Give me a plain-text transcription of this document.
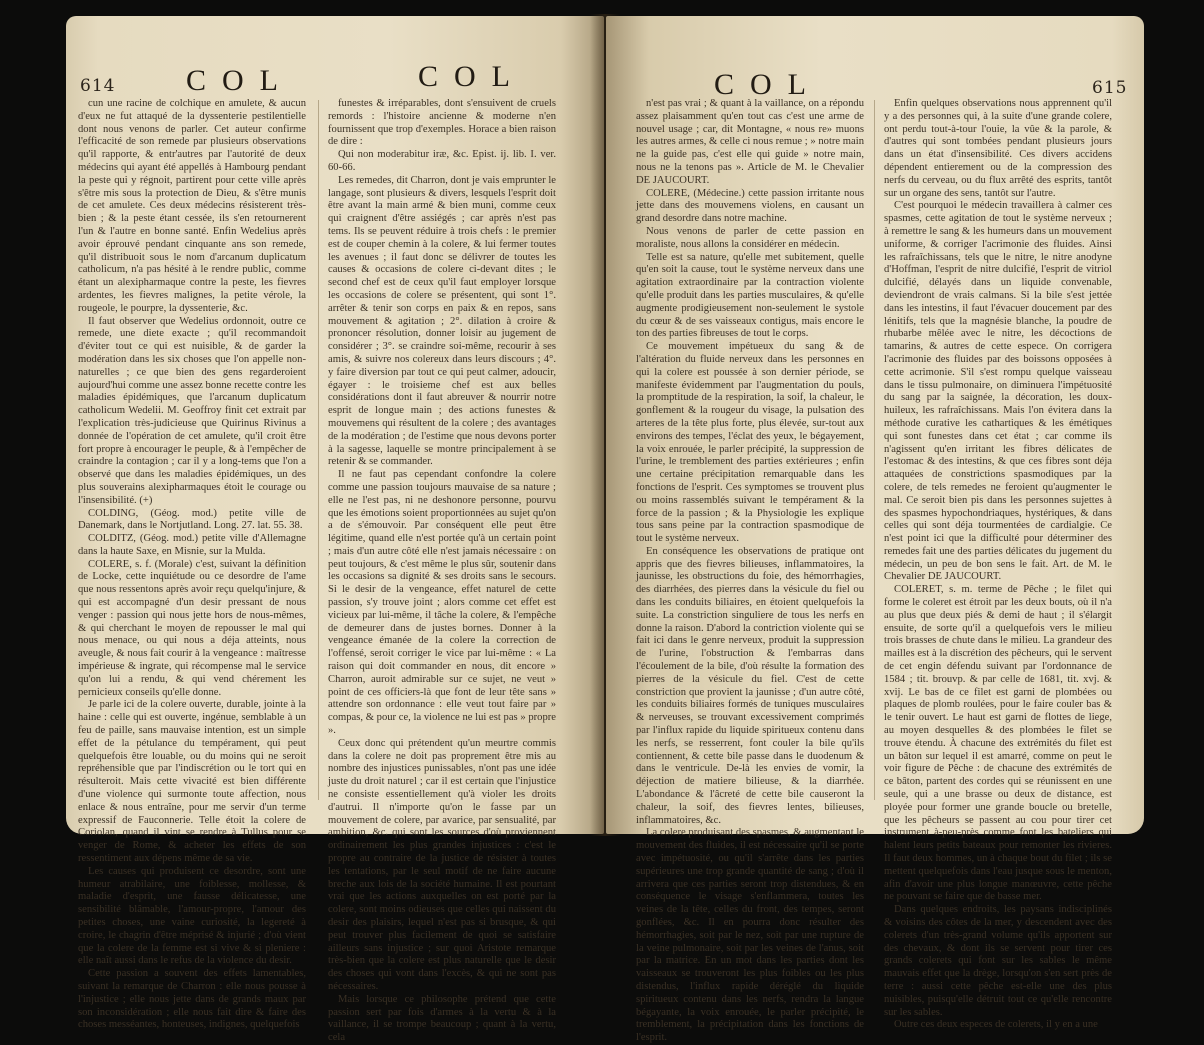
614 COL	COL

cun une racine de colchique en amulete, & aucun d'eux ne fut attaqué de la dyssenterie pestilentielle dont nous venons de parler. Cet auteur confirme l'efficacité de son remede par plusieurs observations qu'il rapporte, & entr'autres par l'autorité de deux médecins qui ayant été appellés à Hambourg pendant la peste qui y régnoit, partirent pour cette ville après s'être mis sous la protection de Dieu, & s'être munis de cet amulete. Ces deux médecins résisterent très-bien ; & la peste étant cessée, ils s'en retournerent l'un & l'autre en bonne santé. Enfin Wedelius après avoir éprouvé pendant cinquante ans son remede, qu'il distribuoit sous le nom d'arcanum duplicatum catholicum, n'a pas hésité à le rendre public, comme étant un alexipharmaque contre la peste, les fievres ardentes, les fievres malignes, la petite vérole, la rougeole, le pourpre, la dyssenterie, &c.

Il faut observer que Wedelius ordonnoit, outre ce remede, une diete exacte ; qu'il recommandoit d'éviter tout ce qui est nuisible, & de garder la modération dans les six choses que l'on appelle non-naturelles ; ce que bien des gens regarderoient aujourd'hui comme une assez bonne recette contre les maladies épidémiques, que l'arcanum duplicatum catholicum Wedelii. M. Geoffroy finit cet extrait par l'explication très-judicieuse que Quirinus Rivinus a donnée de l'opération de cet amulete, qu'il croit être fort propre à encourager le peuple, & à l'empêcher de craindre la contagion ; car il y a long-tems que l'on a observé que dans les maladies épidémiques, un des plus souverains alexipharmaques étoit le courage ou l'insensibilité. (+)

COLDING, (Géog. mod.) petite ville de Danemark, dans le Nortjutland. Long. 27. lat. 55. 38.

COLDITZ, (Géog. mod.) petite ville d'Allemagne dans la haute Saxe, en Misnie, sur la Mulda.

COLERE, s. f. (Morale) c'est, suivant la définition de Locke, cette inquiétude ou ce desordre de l'ame que nous ressentons après avoir reçu quelqu'injure, & qui est accompagné d'un desir pressant de nous venger : passion qui nous jette hors de nous-mêmes, & qui cherchant le moyen de repousser le mal qui nous menace, ou qui nous a déja atteints, nous aveugle, & nous fait courir à la vengeance : maîtresse impérieuse & ingrate, qui récompense mal le service qu'on lui a rendu, & qui vend chérement les pernicieux conseils qu'elle donne.

Je parle ici de la colere ouverte, durable, jointe à la haine : celle qui est ouverte, ingénue, semblable à un feu de paille, sans mauvaise intention, est un simple effet de la pétulance du tempérament, qui peut quelquefois être louable, ou du moins qui ne seroit repréhensible que par l'indiscrétion ou le tort qui en résulteroit. Mais cette vivacité est bien différente d'une violence qui surmonte toute affection, nous enlace & nous entraîne, pour me servir d'un terme expressif de Fauconnerie. Telle étoit la colere de Coriolan, quand il vint se rendre à Tullus pour se venger de Rome, & acheter les effets de son ressentiment aux dépens même de sa vie.

Les causes qui produisent ce desordre, sont une humeur atrabilaire, une foiblesse, mollesse, & maladie d'esprit, une fausse délicatesse, une sensibilité blâmable, l'amour-propre, l'amour des petites choses, une vaine curiosité, la legereté à croire, le chagrin d'être méprisé & injurié ; d'où vient que la colere de la femme est si vive & si pleniere : elle naît aussi dans le refus de la violence du desir.

Cette passion a souvent des effets lamentables, suivant la remarque de Charron : elle nous pousse à l'injustice ; elle nous jette dans de grands maux par son inconsidération ; elle nous fait dire & faire des choses messéantes, honteuses, indignes, quelquefois

funestes & irréparables, dont s'ensuivent de cruels remords : l'histoire ancienne & moderne n'en fournissent que trop d'exemples. Horace a bien raison de dire :

Qui non moderabitur iræ, &c. Epist. ij. lib. I. ver. 60-66.

Les remedes, dit Charron, dont je vais emprunter le langage, sont plusieurs & divers, lesquels l'esprit doit être avant la main armé & bien muni, comme ceux qui craignent d'être assiégés ; car après n'est pas tems. Ils se peuvent réduire à trois chefs : le premier est de couper chemin à la colere, & lui fermer toutes les avenues ; il faut donc se délivrer de toutes les causes & occasions de colere ci-devant dites ; le second chef est de ceux qu'il faut employer lorsque les occasions de colere se présentent, qui sont 1°. arrêter & tenir son corps en paix & en repos, sans mouvement & agitation ; 2°. dilation à croire & prononcer résolution, donner loisir au jugement de considérer ; 3°. se craindre soi-même, recourir à ses amis, & suivre nos colereux dans leurs discours ; 4°. y faire diversion par tout ce qui peut calmer, adoucir, égayer : le troisieme chef est aux belles considérations dont il faut abreuver & nourrir notre esprit de longue main ; des actions funestes & mouvemens qui résultent de la colere ; des avantages de la modération ; de l'estime que nous devons porter à la sagesse, laquelle se montre principalement à se retenir & se commander.

Il ne faut pas cependant confondre la colere comme une passion toujours mauvaise de sa nature ; elle ne l'est pas, ni ne deshonore personne, pourvu que les émotions soient proportionnées au sujet qu'on a de s'émouvoir. Par conséquent elle peut être légitime, quand elle n'est portée qu'à un certain point ; mais d'un autre côté elle n'est jamais nécessaire : on peut toujours, & c'est même le plus sûr, soutenir dans les occasions sa dignité & ses droits sans le secours. Si le desir de la vengeance, effet naturel de cette passion, s'y trouve joint ; alors comme cet effet est vicieux par lui-même, il tâche la colere, & l'empêche de demeurer dans de justes bornes. Donner à la vengeance émanée de la colere la correction de l'offensé, seroit corriger le vice par lui-même : « La raison qui doit commander en nous, dit encore » Charron, auroit admirable sur ce sujet, ne veut » point de ces officiers-là que font de leur tête sans » attendre son ordonnance : elle veut tout faire par » compas, & pour ce, la violence ne lui est pas » propre ».

Ceux donc qui prétendent qu'un meurtre commis dans la colere ne doit pas proprement être mis au nombre des injustices punissables, n'ont pas une idée juste du droit naturel ; car il est certain que l'injustice ne consiste essentiellement qu'à violer les droits d'autrui. Il n'importe qu'on le fasse par un mouvement de colere, par avarice, par sensualité, par ambition, &c. qui sont les sources d'où proviennent ordinairement les plus grandes injustices : c'est le propre au contraire de la justice de résister à toutes les tentations, par le seul motif de ne faire aucune breche aux lois de la société humaine. Il est pourtant vrai que les actions auxquelles on est porté par la colere, sont moins odieuses que celles qui naissent du desir des plaisirs, lequel n'est pas si brusque, & qui peut trouver plus facilement de quoi se satisfaire ailleurs sans injustice ; sur quoi Aristote remarque très-bien que la colere est plus naturelle que le desir des choses qui vont dans l'excès, & qui ne sont pas nécessaires.

Mais lorsque ce philosophe prétend que cette passion sert par fois d'armes à la vertu & à la vaillance, il se trompe beaucoup ; quant à la vertu, cela

COL	615

n'est pas vrai ; & quant à la vaillance, on a répondu assez plaisamment qu'en tout cas c'est une arme de nouvel usage ; car, dit Montagne, « nous re» muons les autres armes, & celle ci nous remue ; » notre main ne la guide pas, c'est elle qui guide » notre main, nous ne la tenons pas ». Article de M. le Chevalier DE JAUCOURT.

COLERE, (Médecine.) cette passion irritante nous jette dans des mouvemens violens, en causant un grand desordre dans notre machine.

Nous venons de parler de cette passion en moraliste, nous allons la considérer en médecin.

Telle est sa nature, qu'elle met subitement, quelle qu'en soit la cause, tout le système nerveux dans une agitation extraordinaire par la contraction violente qu'elle produit dans les parties musculaires, & qu'elle augmente prodigieusement non-seulement le systole du cœur & de ses vaisseaux contigus, mais encore le ton des parties fibreuses de tout le corps.

Ce mouvement impétueux du sang & de l'altération du fluide nerveux dans les personnes en qui la colere est poussée à son dernier période, se manifeste évidemment par l'augmentation du pouls, la promptitude de la respiration, la soif, la chaleur, le gonflement & la rougeur du visage, la pulsation des arteres de la tête plus forte, plus élevée, sur-tout aux environs des tempes, l'éclat des yeux, le bégayement, la voix enrouée, le parler précipité, la suppression de l'urine, le tremblement des parties extérieures ; enfin une certaine précipitation remarquable dans les fonctions de l'esprit. Ces symptomes se trouvent plus ou moins rassemblés suivant le tempérament & la force de la passion ; & la Physiologie les explique tous sans peine par la contraction spasmodique de tout le système nerveux.

En conséquence les observations de pratique ont appris que des fievres bilieuses, inflammatoires, la jaunisse, les obstructions du foie, des hémorrhagies, des diarrhées, des pierres dans la vésicule du fiel ou dans les conduits biliaires, en étoient quelquefois la suite. La constriction singuliere de tous les nerfs en donne la raison. D'abord la contriction violente qui se fait ici dans le genre nerveux, produit la suppression de l'urine, l'obstruction & l'embarras dans l'écoulement de la bile, d'où résulte la formation des pierres de la vésicule du fiel. C'est de cette constriction que provient la jaunisse ; d'un autre côté, les conduits biliaires formés de tuniques musculaires & nerveuses, se trouvant excessivement comprimés par l'influx rapide du liquide spiritueux contenu dans les nerfs, se resserrent, font couler la bile qu'ils contiennent, & cette bile passe dans le duodenum & dans le ventricule. De-là les envies de vomir, la déjection de matiere bilieuse, & la diarrhée. L'abondance & l'âcreté de cette bile causeront la chaleur, la soif, des fievres lentes, bilieuses, inflammatoires, &c.

La colere produisant des spasmes, & augmentant le mouvement des fluides, il est nécessaire qu'il se porte avec impétuosité, ou qu'il s'arrête dans les parties supérieures une trop grande quantité de sang ; d'où il arrivera que ces parties seront trop distendues, & en conséquence le visage s'enflammera, toutes les veines de la tête, celles du front, des tempes, seront gonflées, &c. Il en pourra donc résulter des hémorrhagies, soit par le nez, soit par une rupture de la veine pulmonaire, soit par les veines de l'anus, soit par la matrice. En un mot dans les parties dont les vaisseaux se trouveront les plus foibles ou les plus distendus, l'influx rapide déréglé du liquide spiritueux contenu dans les nerfs, rendra la langue bégayante, la voix enrouée, le parler précipité, le tremblement, la précipitation dans les fonctions de l'esprit.

Enfin quelques observations nous apprennent qu'il y a des personnes qui, à la suite d'une grande colere, ont perdu tout-à-tour l'ouie, la vûe & la parole, & d'autres qui sont tombées pendant plusieurs jours dans un état d'insensibilité. Ces divers accidens dépendent entierement ou de la compression des nerfs du cerveau, ou du flux arrêté des esprits, tantôt sur un organe des sens, tantôt sur l'autre.

C'est pourquoi le médecin travaillera à calmer ces spasmes, cette agitation de tout le système nerveux ; à remettre le sang & les humeurs dans un mouvement uniforme, & corriger l'acrimonie des fluides. Ainsi les rafraîchissans, tels que le nitre, le nitre anodyne d'Hoffman, l'esprit de nitre dulcifié, l'esprit de vitriol dulcifié, délayés dans un liquide convenable, deviendront de vrais calmans. Si la bile s'est jettée dans les intestins, il faut l'évacuer doucement par des lénitifs, tels que la magnésie blanche, la poudre de rhubarbe mêlée avec le nitre, les décoctions de tamarins, & autres de cette espece. On corrigera l'acrimonie des fluides par des boissons opposées à cette acrimonie. S'il s'est rompu quelque vaisseau dans le tissu pulmonaire, on diminuera l'impétuosité du sang par la saignée, la décoration, les doux-huileux, les rafraîchissans. Mais l'on évitera dans la méthode curative les cathartiques & les émétiques qui sont funestes dans cet état ; car comme ils n'agissent qu'en irritant les fibres délicates de l'estomac & des intestins, & que ces fibres sont déja attaquées de constrictions spasmodiques par la colere, de tels remedes ne feroient qu'augmenter le mal. Ce seroit bien pis dans les personnes sujettes à des spasmes hypochondriaques, hystériques, & dans celles qui sont déja tourmentées de cardialgie. Ce n'est point ici que la difficulté pour déterminer des remedes fait une des parties délicates du jugement du médecin, un peu de bon sens le fait. Art. de M. le Chevalier DE JAUCOURT.

COLERET, s. m. terme de Pêche ; le filet qui forme le coleret est étroit par les deux bouts, où il n'a au plus que deux piés & demi de haut ; il s'élargit ensuite, de sorte qu'il a quelquefois vers le milieu trois brasses de chute dans le milieu. La grandeur des mailles est à la discrétion des pêcheurs, qui le servent de cet engin défendu suivant par l'ordonnance de 1584 ; tit. brouvp. & par celle de 1681, tit. xvj. & xvij. Le bas de ce filet est garni de plombées ou plaques de plomb roulées, pour le faire couler bas & le tenir ouvert. Le haut est garni de flottes de liege, au moyen desquelles & des plombées le filet se trouve étendu. À chacune des extrémités du filet est un bâton sur lequel il est amarré, comme on peut le voir figure de Pêche : de chacune des extrémités de ce bâton, partent des cordes qui se réunissent en une seule, qui a une brasse ou deux de distance, est ployée pour former une grande boucle ou bretelle, que les pêcheurs se passent au cou pour tirer cet instrument à-peu-près comme font les bateliers qui halent leurs petits bateaux pour remonter les rivieres. Il faut deux hommes, un à chaque bout du filet ; ils se mettent quelquefois dans l'eau jusque sous le menton, afin d'avoir une plus longue manœuvre, cette pêche ne pouvant se faire que de basse mer.

Dans quelques endroits, les paysans indisciplinés & voisins des côtes de la mer, y descendent avec des colerets d'un très-grand volume qu'ils apportent sur des chevaux, & dont ils se servent pour tirer ces grands colerets qui font sur les sables le même mauvais effet que la drège, lorsqu'on s'en sert près de terre : aussi cette pêche est-elle une des plus nuisibles, puisqu'elle détruit tout ce qu'elle rencontre sur les sables.

Outre ces deux especes de colerets, il y en a une
